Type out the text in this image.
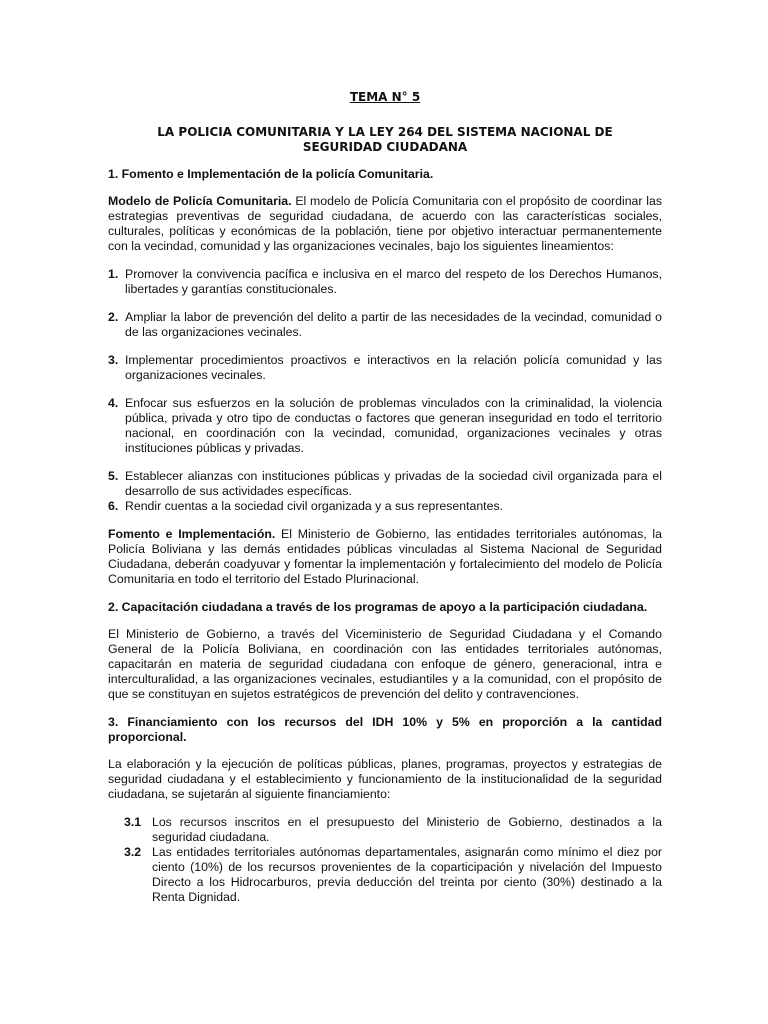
TEMA N° 5
LA POLICIA COMUNITARIA Y LA LEY 264 DEL SISTEMA NACIONAL DE
SEGURIDAD CIUDADANA
1. Fomento e Implementación de la policía Comunitaria.

Modelo de Policía Comunitaria. El modelo de Policía Comunitaria con el propósito de coordinar las estrategias preventivas de seguridad ciudadana, de acuerdo con las características sociales, culturales, políticas y económicas de la población, tiene por objetivo interactuar permanentemente con la vecindad, comunidad y las organizaciones vecinales, bajo los siguientes lineamientos:

1. Promover la convivencia pacífica e inclusiva en el marco del respeto de los Derechos Humanos, libertades y garantías constitucionales.
2. Ampliar la labor de prevención del delito a partir de las necesidades de la vecindad, comunidad o de las organizaciones vecinales.
3. Implementar procedimientos proactivos e interactivos en la relación policía comunidad y las organizaciones vecinales.
4. Enfocar sus esfuerzos en la solución de problemas vinculados con la criminalidad, la violencia pública, privada y otro tipo de conductas o factores que generan inseguridad en todo el territorio nacional, en coordinación con la vecindad, comunidad, organizaciones vecinales y otras instituciones públicas y privadas.
5. Establecer alianzas con instituciones públicas y privadas de la sociedad civil organizada para el desarrollo de sus actividades específicas.
6. Rendir cuentas a la sociedad civil organizada y a sus representantes.

Fomento e Implementación. El Ministerio de Gobierno, las entidades territoriales autónomas, la Policía Boliviana y las demás entidades públicas vinculadas al Sistema Nacional de Seguridad Ciudadana, deberán coadyuvar y fomentar la implementación y fortalecimiento del modelo de Policía Comunitaria en todo el territorio del Estado Plurinacional.

2. Capacitación ciudadana a través de los programas de apoyo a la participación ciudadana.

El Ministerio de Gobierno, a través del Viceministerio de Seguridad Ciudadana y el Comando General de la Policía Boliviana, en coordinación con las entidades territoriales autónomas, capacitarán en materia de seguridad ciudadana con enfoque de género, generacional, intra e interculturalidad, a las organizaciones vecinales, estudiantiles y a la comunidad, con el propósito de que se constituyan en sujetos estratégicos de prevención del delito y contravenciones.

3. Financiamiento con los recursos del IDH 10% y 5% en proporción a la cantidad proporcional.

La elaboración y la ejecución de políticas públicas, planes, programas, proyectos y estrategias de seguridad ciudadana y el establecimiento y funcionamiento de la institucionalidad de la seguridad ciudadana, se sujetarán al siguiente financiamiento:

3.1 Los recursos inscritos en el presupuesto del Ministerio de Gobierno, destinados a la seguridad ciudadana.
3.2 Las entidades territoriales autónomas departamentales, asignarán como mínimo el diez por ciento (10%) de los recursos provenientes de la coparticipación y nivelación del Impuesto Directo a los Hidrocarburos, previa deducción del treinta por ciento (30%) destinado a la Renta Dignidad.
